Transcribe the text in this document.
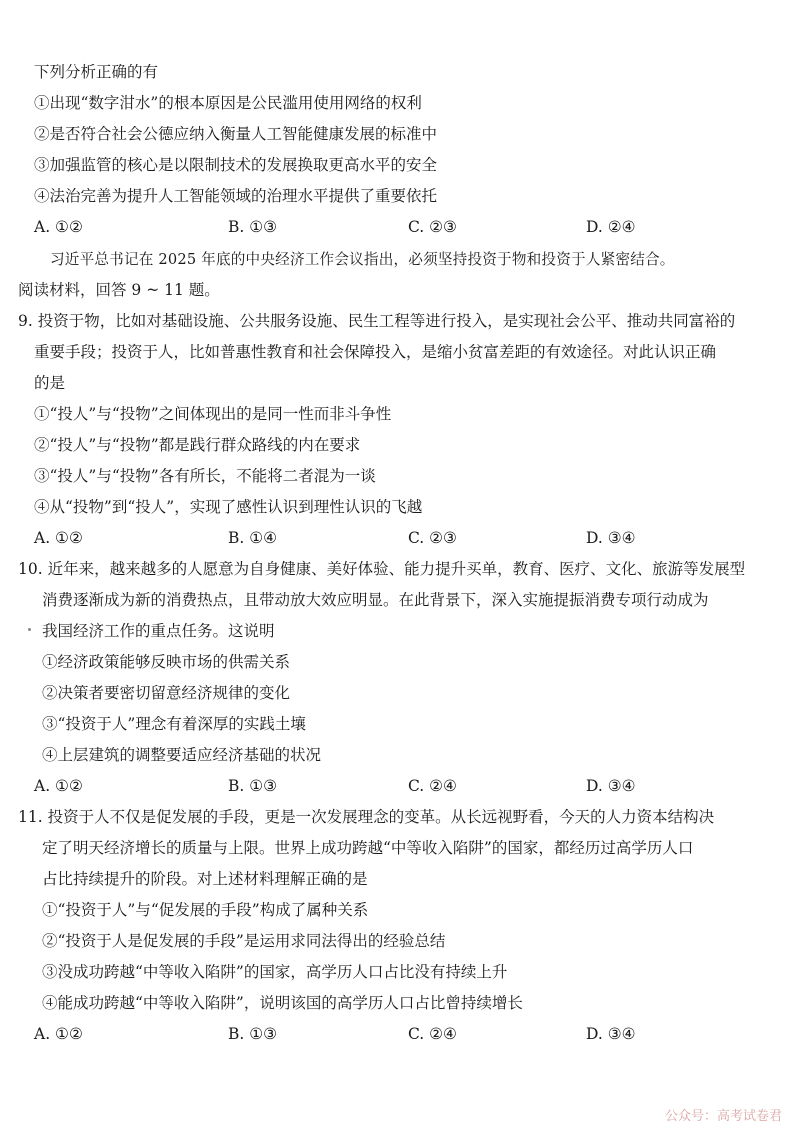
下列分析正确的有
①出现“数字泔水”的根本原因是公民滥用使用网络的权利
②是否符合社会公德应纳入衡量人工智能健康发展的标准中
③加强监管的核心是以限制技术的发展换取更高水平的安全
④法治完善为提升人工智能领域的治理水平提供了重要依托
A. ①②	B. ①③	C. ②③	D. ②④
习近平总书记在 2025 年底的中央经济工作会议指出，必须坚持投资于物和投资于人紧密结合。
阅读材料，回答 9 ~ 11 题。
9. 投资于物，比如对基础设施、公共服务设施、民生工程等进行投入，是实现社会公平、推动共同富裕的
重要手段；投资于人，比如普惠性教育和社会保障投入，是缩小贫富差距的有效途径。对此认识正确
的是
①“投人”与“投物”之间体现出的是同一性而非斗争性
②“投人”与“投物”都是践行群众路线的内在要求
③“投人”与“投物”各有所长，不能将二者混为一谈
④从“投物”到“投人”，实现了感性认识到理性认识的飞越
A. ①②	B. ①④	C. ②③	D. ③④
10. 近年来，越来越多的人愿意为自身健康、美好体验、能力提升买单，教育、医疗、文化、旅游等发展型
消费逐渐成为新的消费热点，且带动放大效应明显。在此背景下，深入实施提振消费专项行动成为
我国经济工作的重点任务。这说明
①经济政策能够反映市场的供需关系
②决策者要密切留意经济规律的变化
③“投资于人”理念有着深厚的实践土壤
④上层建筑的调整要适应经济基础的状况
A. ①②	B. ①③	C. ②④	D. ③④
11. 投资于人不仅是促发展的手段，更是一次发展理念的变革。从长远视野看，今天的人力资本结构决
定了明天经济增长的质量与上限。世界上成功跨越“中等收入陷阱”的国家，都经历过高学历人口
占比持续提升的阶段。对上述材料理解正确的是
①“投资于人”与“促发展的手段”构成了属种关系
②“投资于人是促发展的手段”是运用求同法得出的经验总结
③没成功跨越“中等收入陷阱”的国家，高学历人口占比没有持续上升
④能成功跨越“中等收入陷阱”，说明该国的高学历人口占比曾持续增长
A. ①②	B. ①③	C. ②④	D. ③④
公众号：高考试卷君
